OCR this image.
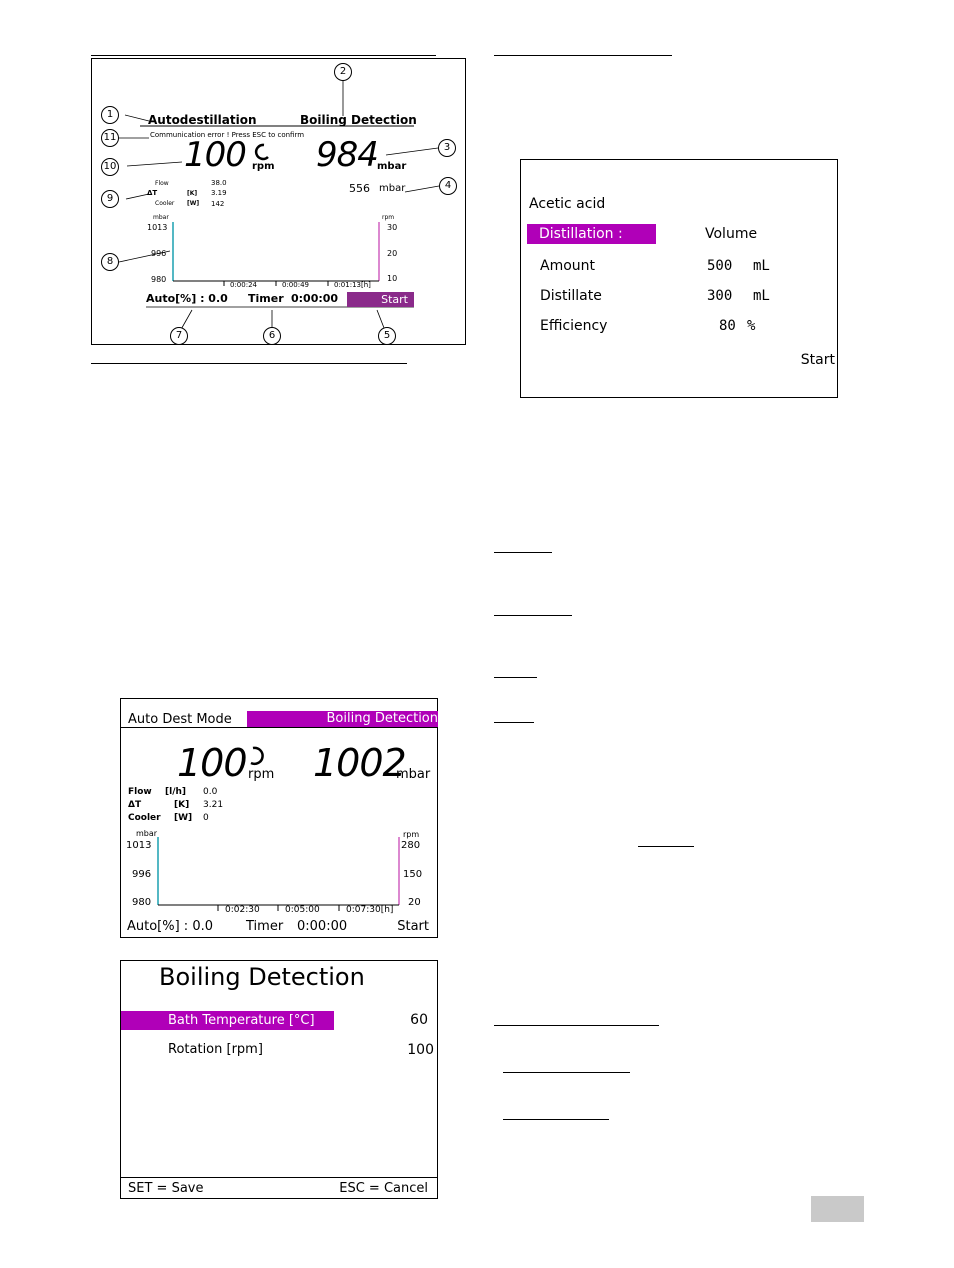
1
2
3
4
5
6
7
8
9
10
11
Autodestillation	Boiling Detection
Communication error ! Press ESC to confirm
100 rpm 984 mbar
556 mbar
Flow	38.0
ΔT	[K] 3.19
Cooler [W] 142
mbar
1013
996
980
rpm
30
20
10
0:00:24	0:00:49	0:01:13[h]
Auto[%] : 0.0 Timer 0:00:00	Start
Acetic acid
Distillation :	Volume
Amount	500 mL
Distillate	300 mL
Efficiency	80 %
Start
Auto Dest Mode	Boiling Detection
100 rpm 1002
mbar
Flow [l/h] 0.0
ΔT	[K] 3.21
Cooler [W] 0
mbar
1013
996
980
rpm
280
150
20
0:02:30	0:05:00	0:07:30[h]
Auto[%] : 0.0	Timer 0:00:00	Start
Boiling Detection
Bath Temperature [°C]	60
Rotation [rpm]	100
SET = Save	ESC = Cancel
